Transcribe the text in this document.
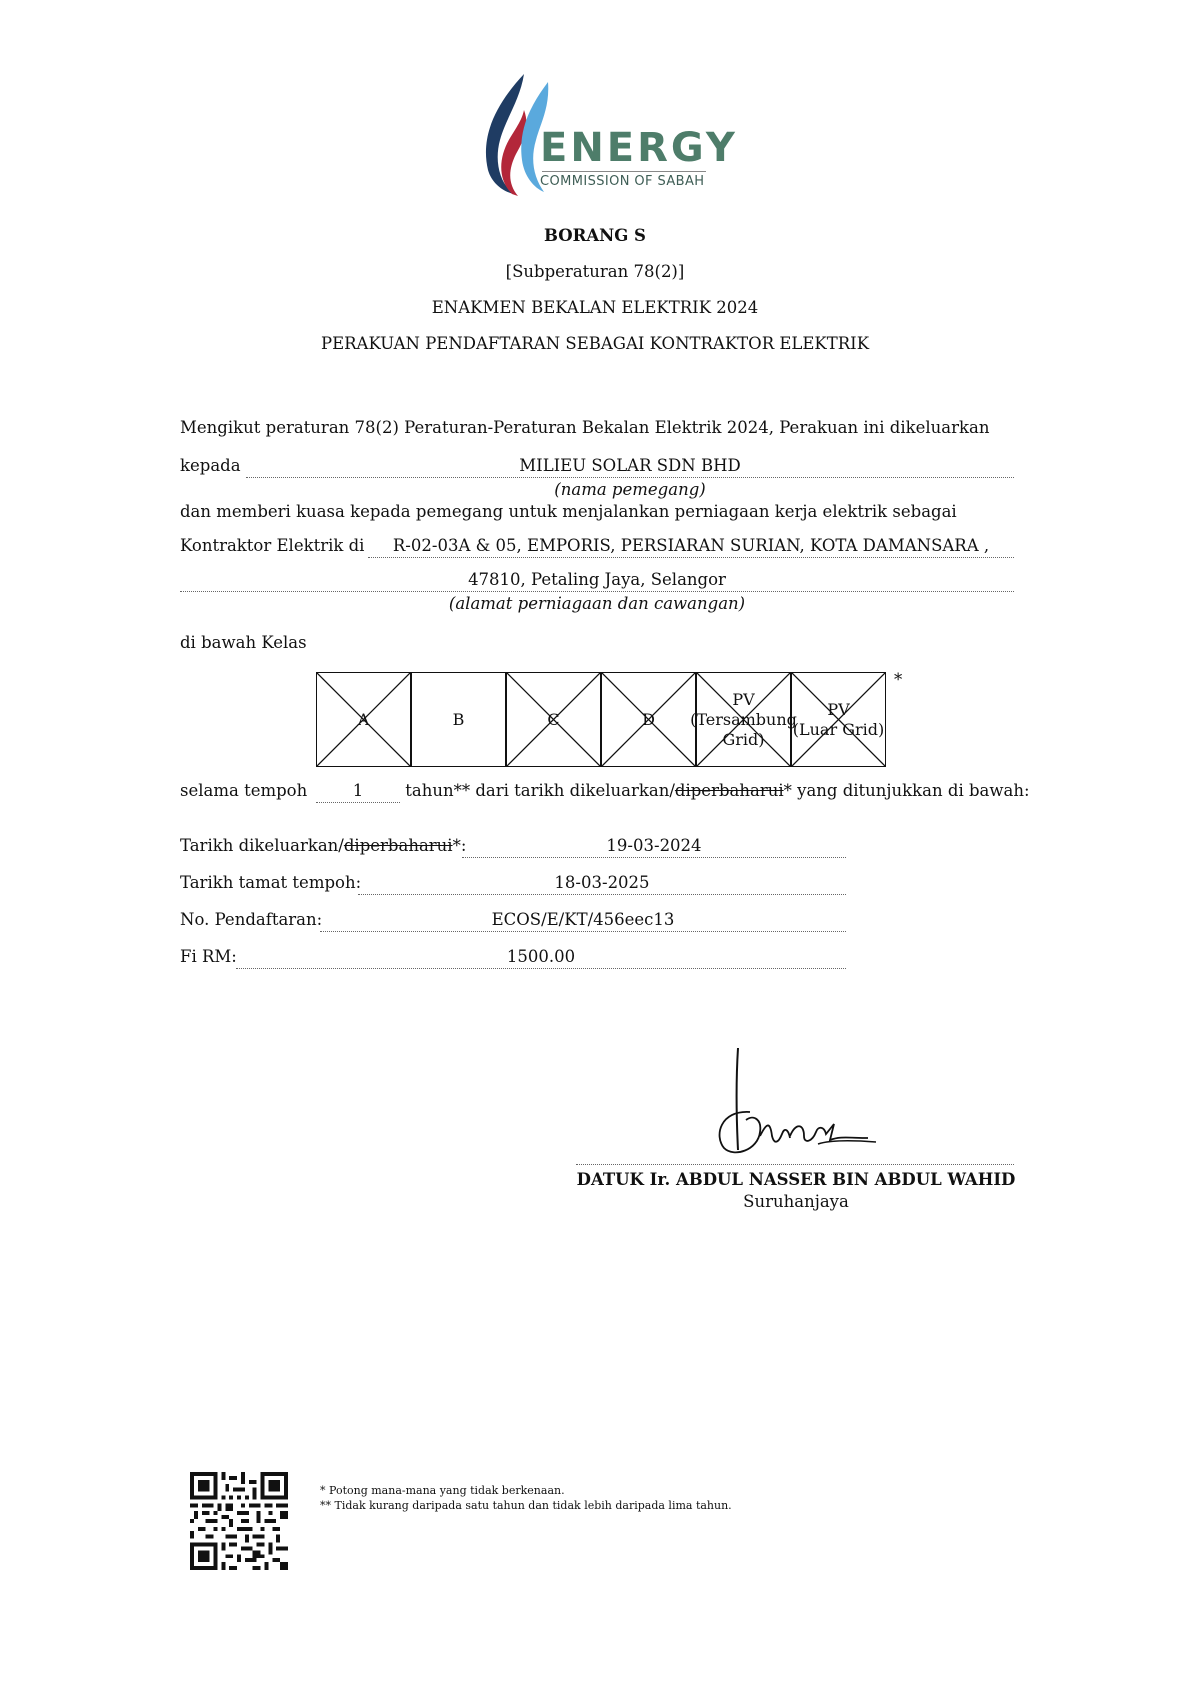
ENERGY
COMMISSION OF SABAH
BORANG S
[Subperaturan 78(2)]
ENAKMEN BEKALAN ELEKTRIK 2024
PERAKUAN PENDAFTARAN SEBAGAI KONTRAKTOR ELEKTRIK
Mengikut peraturan 78(2) Peraturan-Peraturan Bekalan Elektrik 2024, Perakuan ini dikeluarkan
kepada	MILIEU SOLAR SDN BHD
(nama pemegang)
dan memberi kuasa kepada pemegang untuk menjalankan perniagaan kerja elektrik sebagai
Kontraktor Elektrik di	R-02-03A & 05, EMPORIS, PERSIARAN SURIAN, KOTA DAMANSARA ,
47810, Petaling Jaya, Selangor
(alamat perniagaan dan cawangan)
di bawah Kelas
A	B	C	D
PV
(Tersambung
Grid)
PV
(Luar Grid)
*
selama tempoh	1	tahun** dari tarikh dikeluarkan/diperbaharui* yang ditunjukkan di bawah:
Tarikh dikeluarkan/diperbaharui*:	19-03-2024
Tarikh tamat tempoh:	18-03-2025
No. Pendaftaran:	ECOS/E/KT/456eec13
Fi RM:	1500.00
DATUK Ir. ABDUL NASSER BIN ABDUL WAHID
Suruhanjaya
* Potong mana-mana yang tidak berkenaan.
** Tidak kurang daripada satu tahun dan tidak lebih daripada lima tahun.
